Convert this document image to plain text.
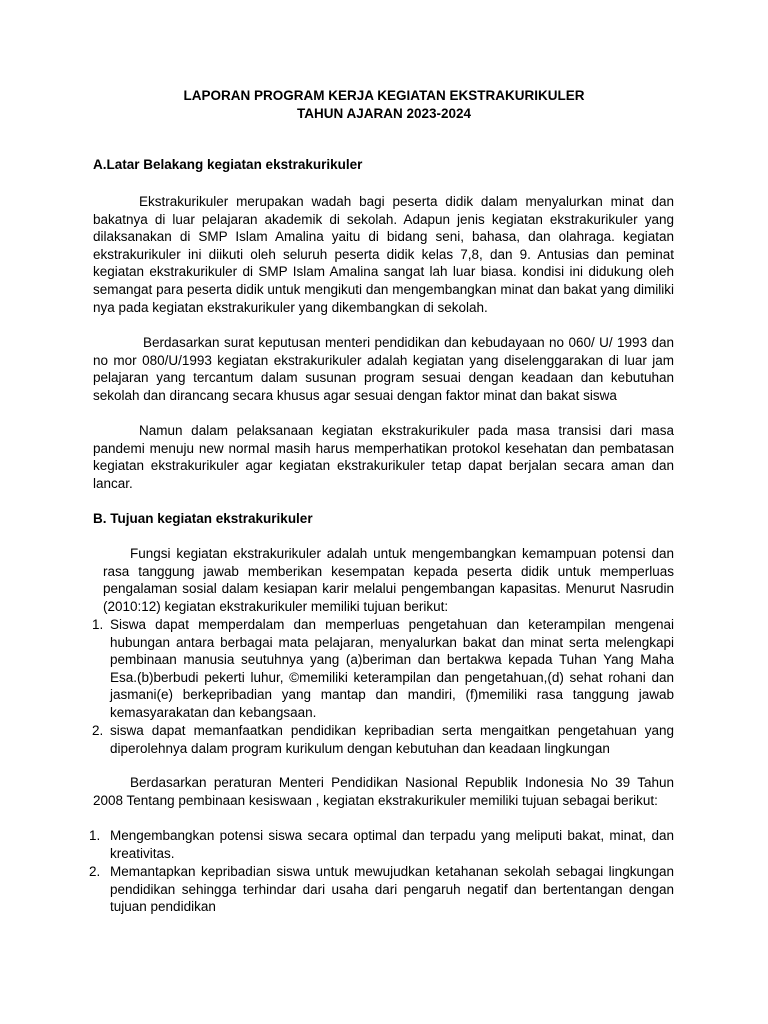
LAPORAN PROGRAM KERJA KEGIATAN EKSTRAKURIKULER
TAHUN AJARAN 2023-2024
A.Latar Belakang kegiatan ekstrakurikuler

Ekstrakurikuler merupakan wadah bagi peserta didik dalam menyalurkan minat dan bakatnya di luar pelajaran akademik di sekolah. Adapun jenis kegiatan ekstrakurikuler yang dilaksanakan di SMP Islam Amalina yaitu di bidang seni, bahasa, dan olahraga. kegiatan ekstrakurikuler ini diikuti oleh seluruh peserta didik kelas 7,8, dan 9. Antusias dan peminat kegiatan ekstrakurikuler di SMP Islam Amalina sangat lah luar biasa. kondisi ini didukung oleh semangat para peserta didik untuk mengikuti dan mengembangkan minat dan bakat yang dimiliki nya pada kegiatan ekstrakurikuler yang dikembangkan di sekolah.

Berdasarkan surat keputusan menteri pendidikan dan kebudayaan no 060/ U/ 1993 dan no mor 080/U/1993 kegiatan ekstrakurikuler adalah kegiatan yang diselenggarakan di luar jam pelajaran yang tercantum dalam susunan program sesuai dengan keadaan dan kebutuhan sekolah dan dirancang secara khusus agar sesuai dengan faktor minat dan bakat siswa

Namun dalam pelaksanaan kegiatan ekstrakurikuler pada masa transisi dari masa pandemi menuju new normal masih harus memperhatikan protokol kesehatan dan pembatasan kegiatan ekstrakurikuler agar kegiatan ekstrakurikuler tetap dapat berjalan secara aman dan lancar.

B. Tujuan kegiatan ekstrakurikuler

Fungsi kegiatan ekstrakurikuler adalah untuk mengembangkan kemampuan potensi dan rasa tanggung jawab memberikan kesempatan kepada peserta didik untuk memperluas pengalaman sosial dalam kesiapan karir melalui pengembangan kapasitas. Menurut Nasrudin (2010:12) kegiatan ekstrakurikuler memiliki tujuan berikut:

1. Siswa dapat memperdalam dan memperluas pengetahuan dan keterampilan mengenai hubungan antara berbagai mata pelajaran, menyalurkan bakat dan minat serta melengkapi pembinaan manusia seutuhnya yang (a)beriman dan bertakwa kepada Tuhan Yang Maha Esa.(b)berbudi pekerti luhur, ©memiliki keterampilan dan pengetahuan,(d) sehat rohani dan jasmani(e) berkepribadian yang mantap dan mandiri, (f)memiliki rasa tanggung jawab kemasyarakatan dan kebangsaan.
2. siswa dapat memanfaatkan pendidikan kepribadian serta mengaitkan pengetahuan yang diperolehnya dalam program kurikulum dengan kebutuhan dan keadaan lingkungan

Berdasarkan peraturan Menteri Pendidikan Nasional Republik Indonesia No 39 Tahun 2008 Tentang pembinaan kesiswaan , kegiatan ekstrakurikuler memiliki tujuan sebagai berikut:

1. Mengembangkan potensi siswa secara optimal dan terpadu yang meliputi bakat, minat, dan kreativitas.
2. Memantapkan kepribadian siswa untuk mewujudkan ketahanan sekolah sebagai lingkungan pendidikan sehingga terhindar dari usaha dari pengaruh negatif dan bertentangan dengan tujuan pendidikan
